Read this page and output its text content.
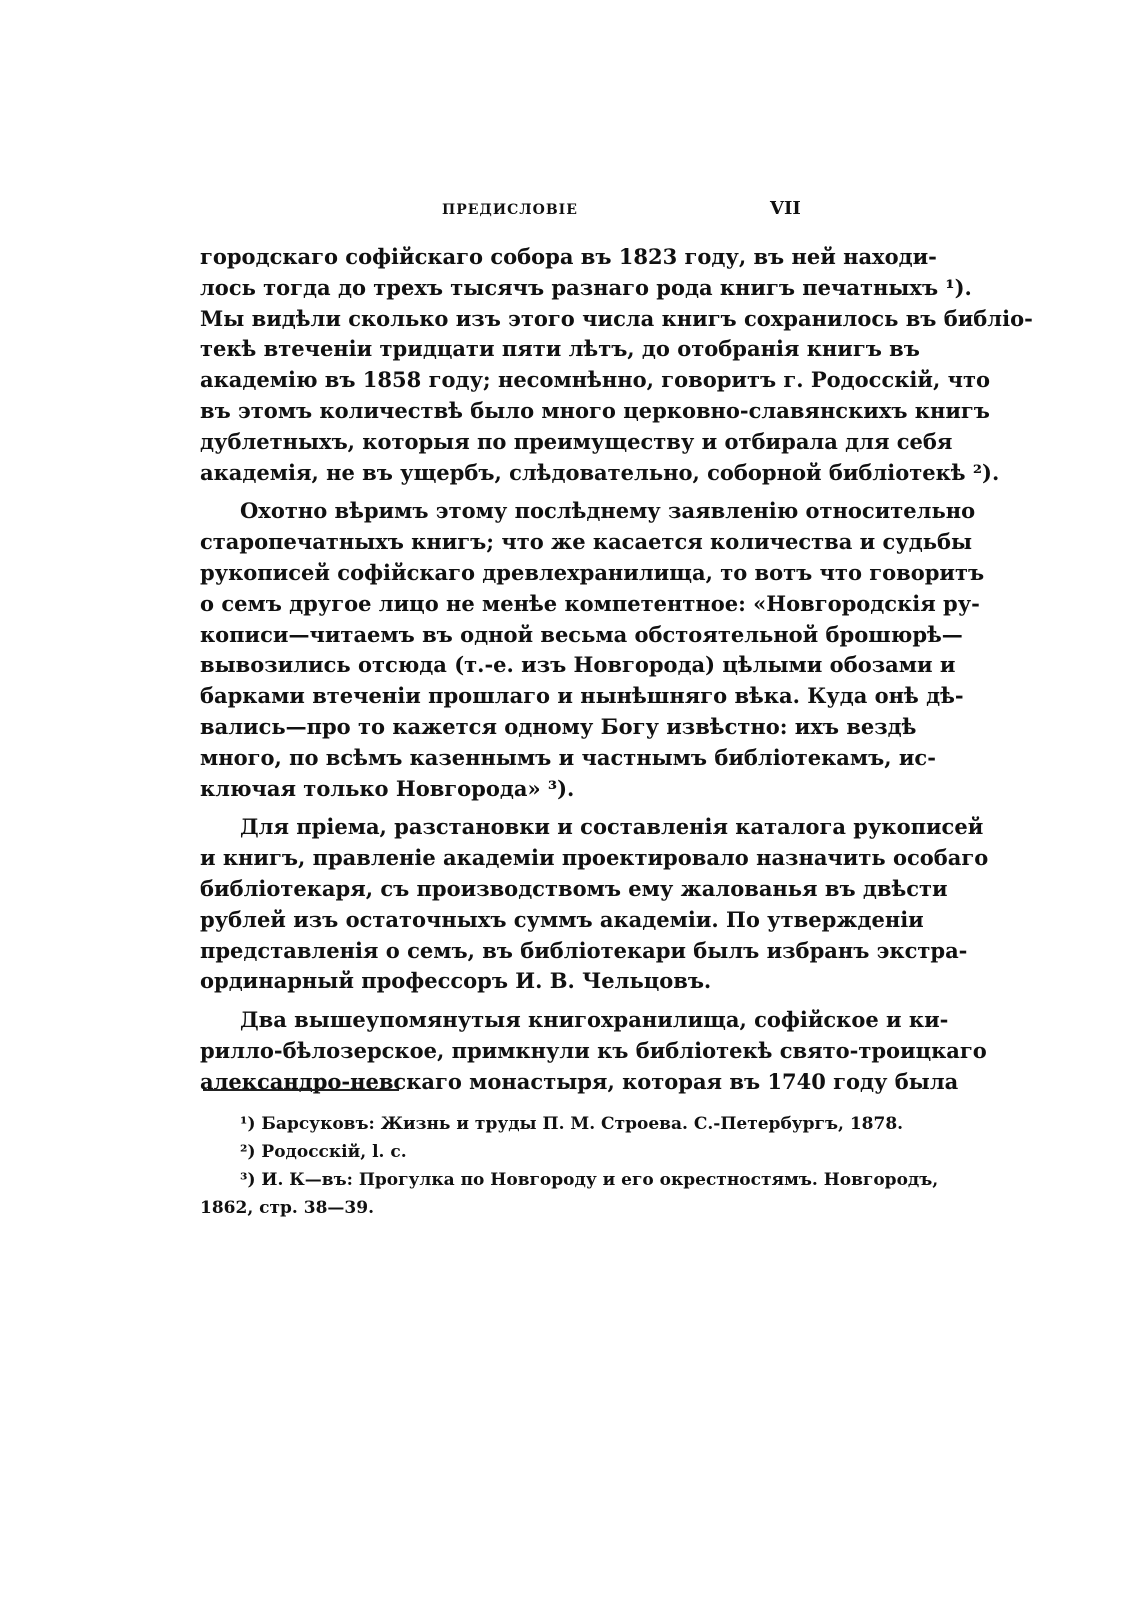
ПРЕДИСЛОВІЕ	VII
городскаго софійскаго собора въ 1823 году, въ ней находи-
лось тогда до трехъ тысячъ разнаго рода книгъ печатныхъ ¹).
Мы видѣли сколько изъ этого числа книгъ сохранилось въ библіо-
текѣ втеченіи тридцати пяти лѣтъ, до отобранія книгъ въ
академію въ 1858 году; несомнѣнно, говоритъ г. Родосскій, что
въ этомъ количествѣ было много церковно-славянскихъ книгъ
дублетныхъ, которыя по преимуществу и отбирала для себя
академія, не въ ущербъ, слѣдовательно, соборной библіотекѣ ²).
Охотно вѣримъ этому послѣднему заявленію относительно
старопечатныхъ книгъ; что же касается количества и судьбы
рукописей софійскаго древлехранилища, то вотъ что говоритъ
о семъ другое лицо не менѣе компетентное: «Новгородскія ру-
кописи—читаемъ въ одной весьма обстоятельной брошюрѣ—
вывозились отсюда (т.-е. изъ Новгорода) цѣлыми обозами и
барками втеченіи прошлаго и нынѣшняго вѣка. Куда онѣ дѣ-
вались—про то кажется одному Богу извѣстно: ихъ вездѣ
много, по всѣмъ казеннымъ и частнымъ библіотекамъ, ис-
ключая только Новгорода» ³).
Для пріема, разстановки и составленія каталога рукописей
и книгъ, правленіе академіи проектировало назначить особаго
библіотекаря, съ производствомъ ему жалованья въ двѣсти
рублей изъ остаточныхъ суммъ академіи. По утвержденіи
представленія о семъ, въ библіотекари былъ избранъ экстра-
ординарный профессоръ И. В. Чельцовъ.
Два вышеупомянутыя книгохранилища, софійское и ки-
рилло-бѣлозерское, примкнули къ библіотекѣ свято-троицкаго
александро-невскаго монастыря, которая въ 1740 году была
¹) Барсуковъ: Жизнь и труды П. М. Строева. С.-Петербургъ, 1878.
²) Родосскій, l. c.
³) И. К—въ: Прогулка по Новгороду и его окрестностямъ. Новгородъ,
1862, стр. 38—39.
